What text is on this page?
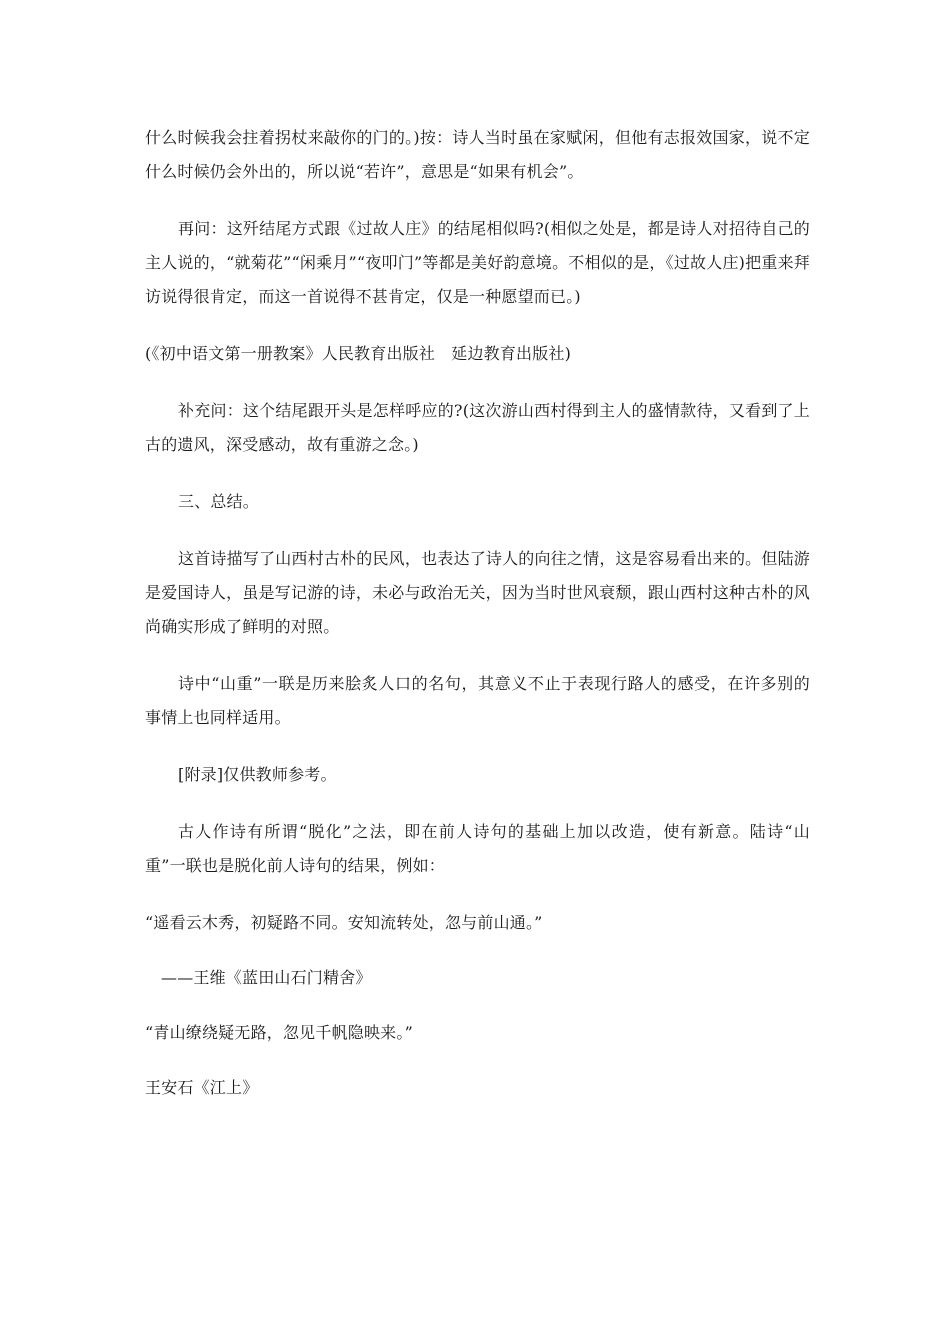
什么时候我会拄着拐杖来敲你的门的。)按：诗人当时虽在家赋闲，但他有志报效国家，说不定什么时候仍会外出的，所以说“若许”，意思是“如果有机会”。

再问：这歼结尾方式跟《过故人庄》的结尾相似吗?(相似之处是，都是诗人对招待自己的主人说的，“就菊花”“闲乘月”“夜叩门”等都是美好韵意境。不相似的是，《过故人庄)把重来拜访说得很肯定，而这一首说得不甚肯定，仅是一种愿望而已。)

(《初中语文第一册教案》人民教育出版社　延边教育出版社)

补充问：这个结尾跟开头是怎样呼应的?(这次游山西村得到主人的盛情款待，又看到了上古的遗风，深受感动，故有重游之念。)

三、总结。

这首诗描写了山西村古朴的民风，也表达了诗人的向往之情，这是容易看出来的。但陆游是爱国诗人，虽是写记游的诗，未必与政治无关，因为当时世风衰颓，跟山西村这种古朴的风尚确实形成了鲜明的对照。

诗中“山重”一联是历来脍炙人口的名句，其意义不止于表现行路人的感受，在许多别的事情上也同样适用。

[附录]仅供教师参考。

古人作诗有所谓“脱化”之法，即在前人诗句的基础上加以改造，使有新意。陆诗“山重”一联也是脱化前人诗句的结果，例如：

“遥看云木秀，初疑路不同。安知流转处，忽与前山通。”

——王维《蓝田山石门精舍》

“青山缭绕疑无路，忽见千帆隐映来。”

王安石《江上》
